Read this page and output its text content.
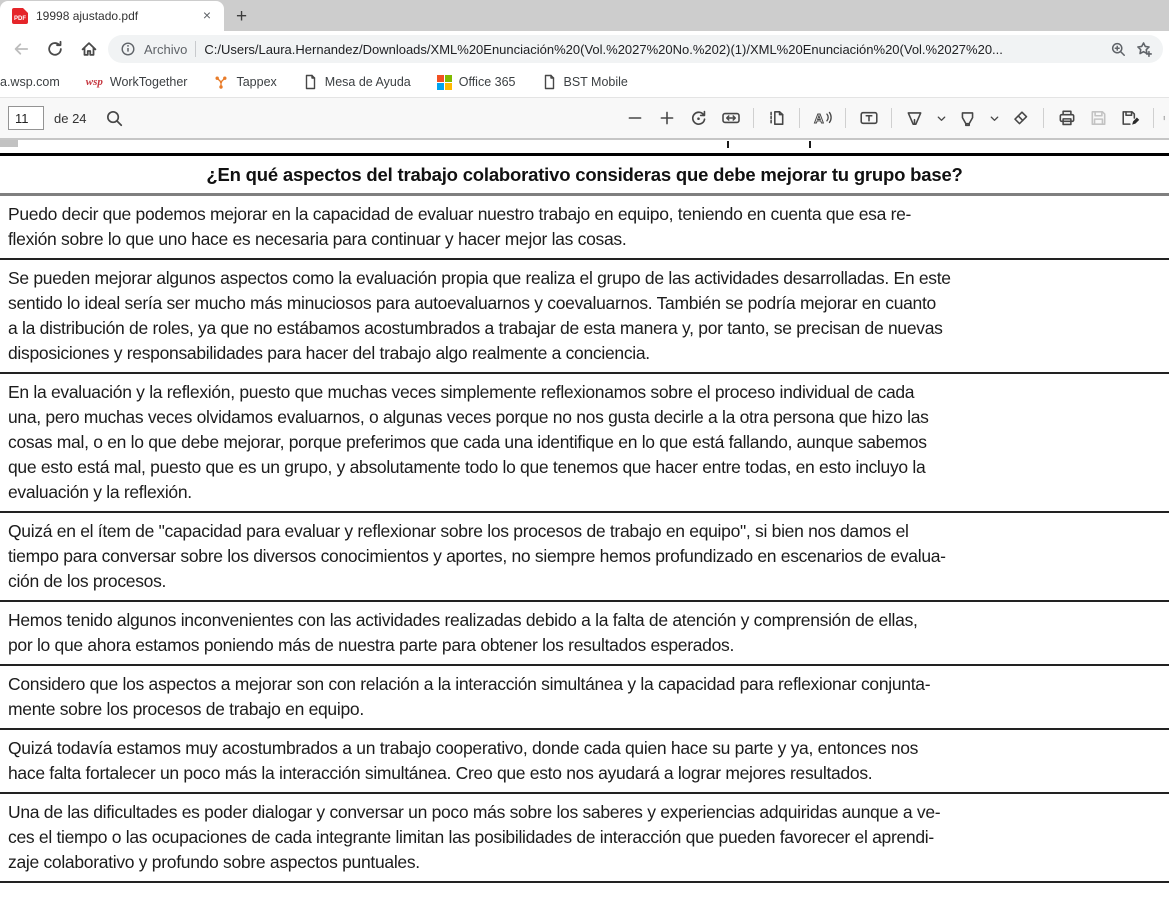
PDF 19998 ajustado.pdf	× +
Archivo C:/Users/Laura.Hernandez/Downloads/XML%20Enunciación%20(Vol.%2027%20No.%202)(1)/XML%20Enunciación%20(Vol.%2027%20...
a.wsp.com wsp WorkTogether	Tappex	Mesa de Ayuda	Office 365	BST Mobile
11
de 24	A
¿En qué aspectos del trabajo colaborativo consideras que debe mejorar tu grupo base?
Puedo decir que podemos mejorar en la capacidad de evaluar nuestro trabajo en equipo, teniendo en cuenta que esa re-
flexión sobre lo que uno hace es necesaria para continuar y hacer mejor las cosas.
Se pueden mejorar algunos aspectos como la evaluación propia que realiza el grupo de las actividades desarrolladas. En este
sentido lo ideal sería ser mucho más minuciosos para autoevaluarnos y coevaluarnos. También se podría mejorar en cuanto
a la distribución de roles, ya que no estábamos acostumbrados a trabajar de esta manera y, por tanto, se precisan de nuevas
disposiciones y responsabilidades para hacer del trabajo algo realmente a conciencia.
En la evaluación y la reflexión, puesto que muchas veces simplemente reflexionamos sobre el proceso individual de cada
una, pero muchas veces olvidamos evaluarnos, o algunas veces porque no nos gusta decirle a la otra persona que hizo las
cosas mal, o en lo que debe mejorar, porque preferimos que cada una identifique en lo que está fallando, aunque sabemos
que esto está mal, puesto que es un grupo, y absolutamente todo lo que tenemos que hacer entre todas, en esto incluyo la
evaluación y la reflexión.
Quizá en el ítem de "capacidad para evaluar y reflexionar sobre los procesos de trabajo en equipo", si bien nos damos el
tiempo para conversar sobre los diversos conocimientos y aportes, no siempre hemos profundizado en escenarios de evalua-
ción de los procesos.
Hemos tenido algunos inconvenientes con las actividades realizadas debido a la falta de atención y comprensión de ellas,
por lo que ahora estamos poniendo más de nuestra parte para obtener los resultados esperados.
Considero que los aspectos a mejorar son con relación a la interacción simultánea y la capacidad para reflexionar conjunta-
mente sobre los procesos de trabajo en equipo.
Quizá todavía estamos muy acostumbrados a un trabajo cooperativo, donde cada quien hace su parte y ya, entonces nos
hace falta fortalecer un poco más la interacción simultánea. Creo que esto nos ayudará a lograr mejores resultados.
Una de las dificultades es poder dialogar y conversar un poco más sobre los saberes y experiencias adquiridas aunque a ve-
ces el tiempo o las ocupaciones de cada integrante limitan las posibilidades de interacción que pueden favorecer el aprendi-
zaje colaborativo y profundo sobre aspectos puntuales.
